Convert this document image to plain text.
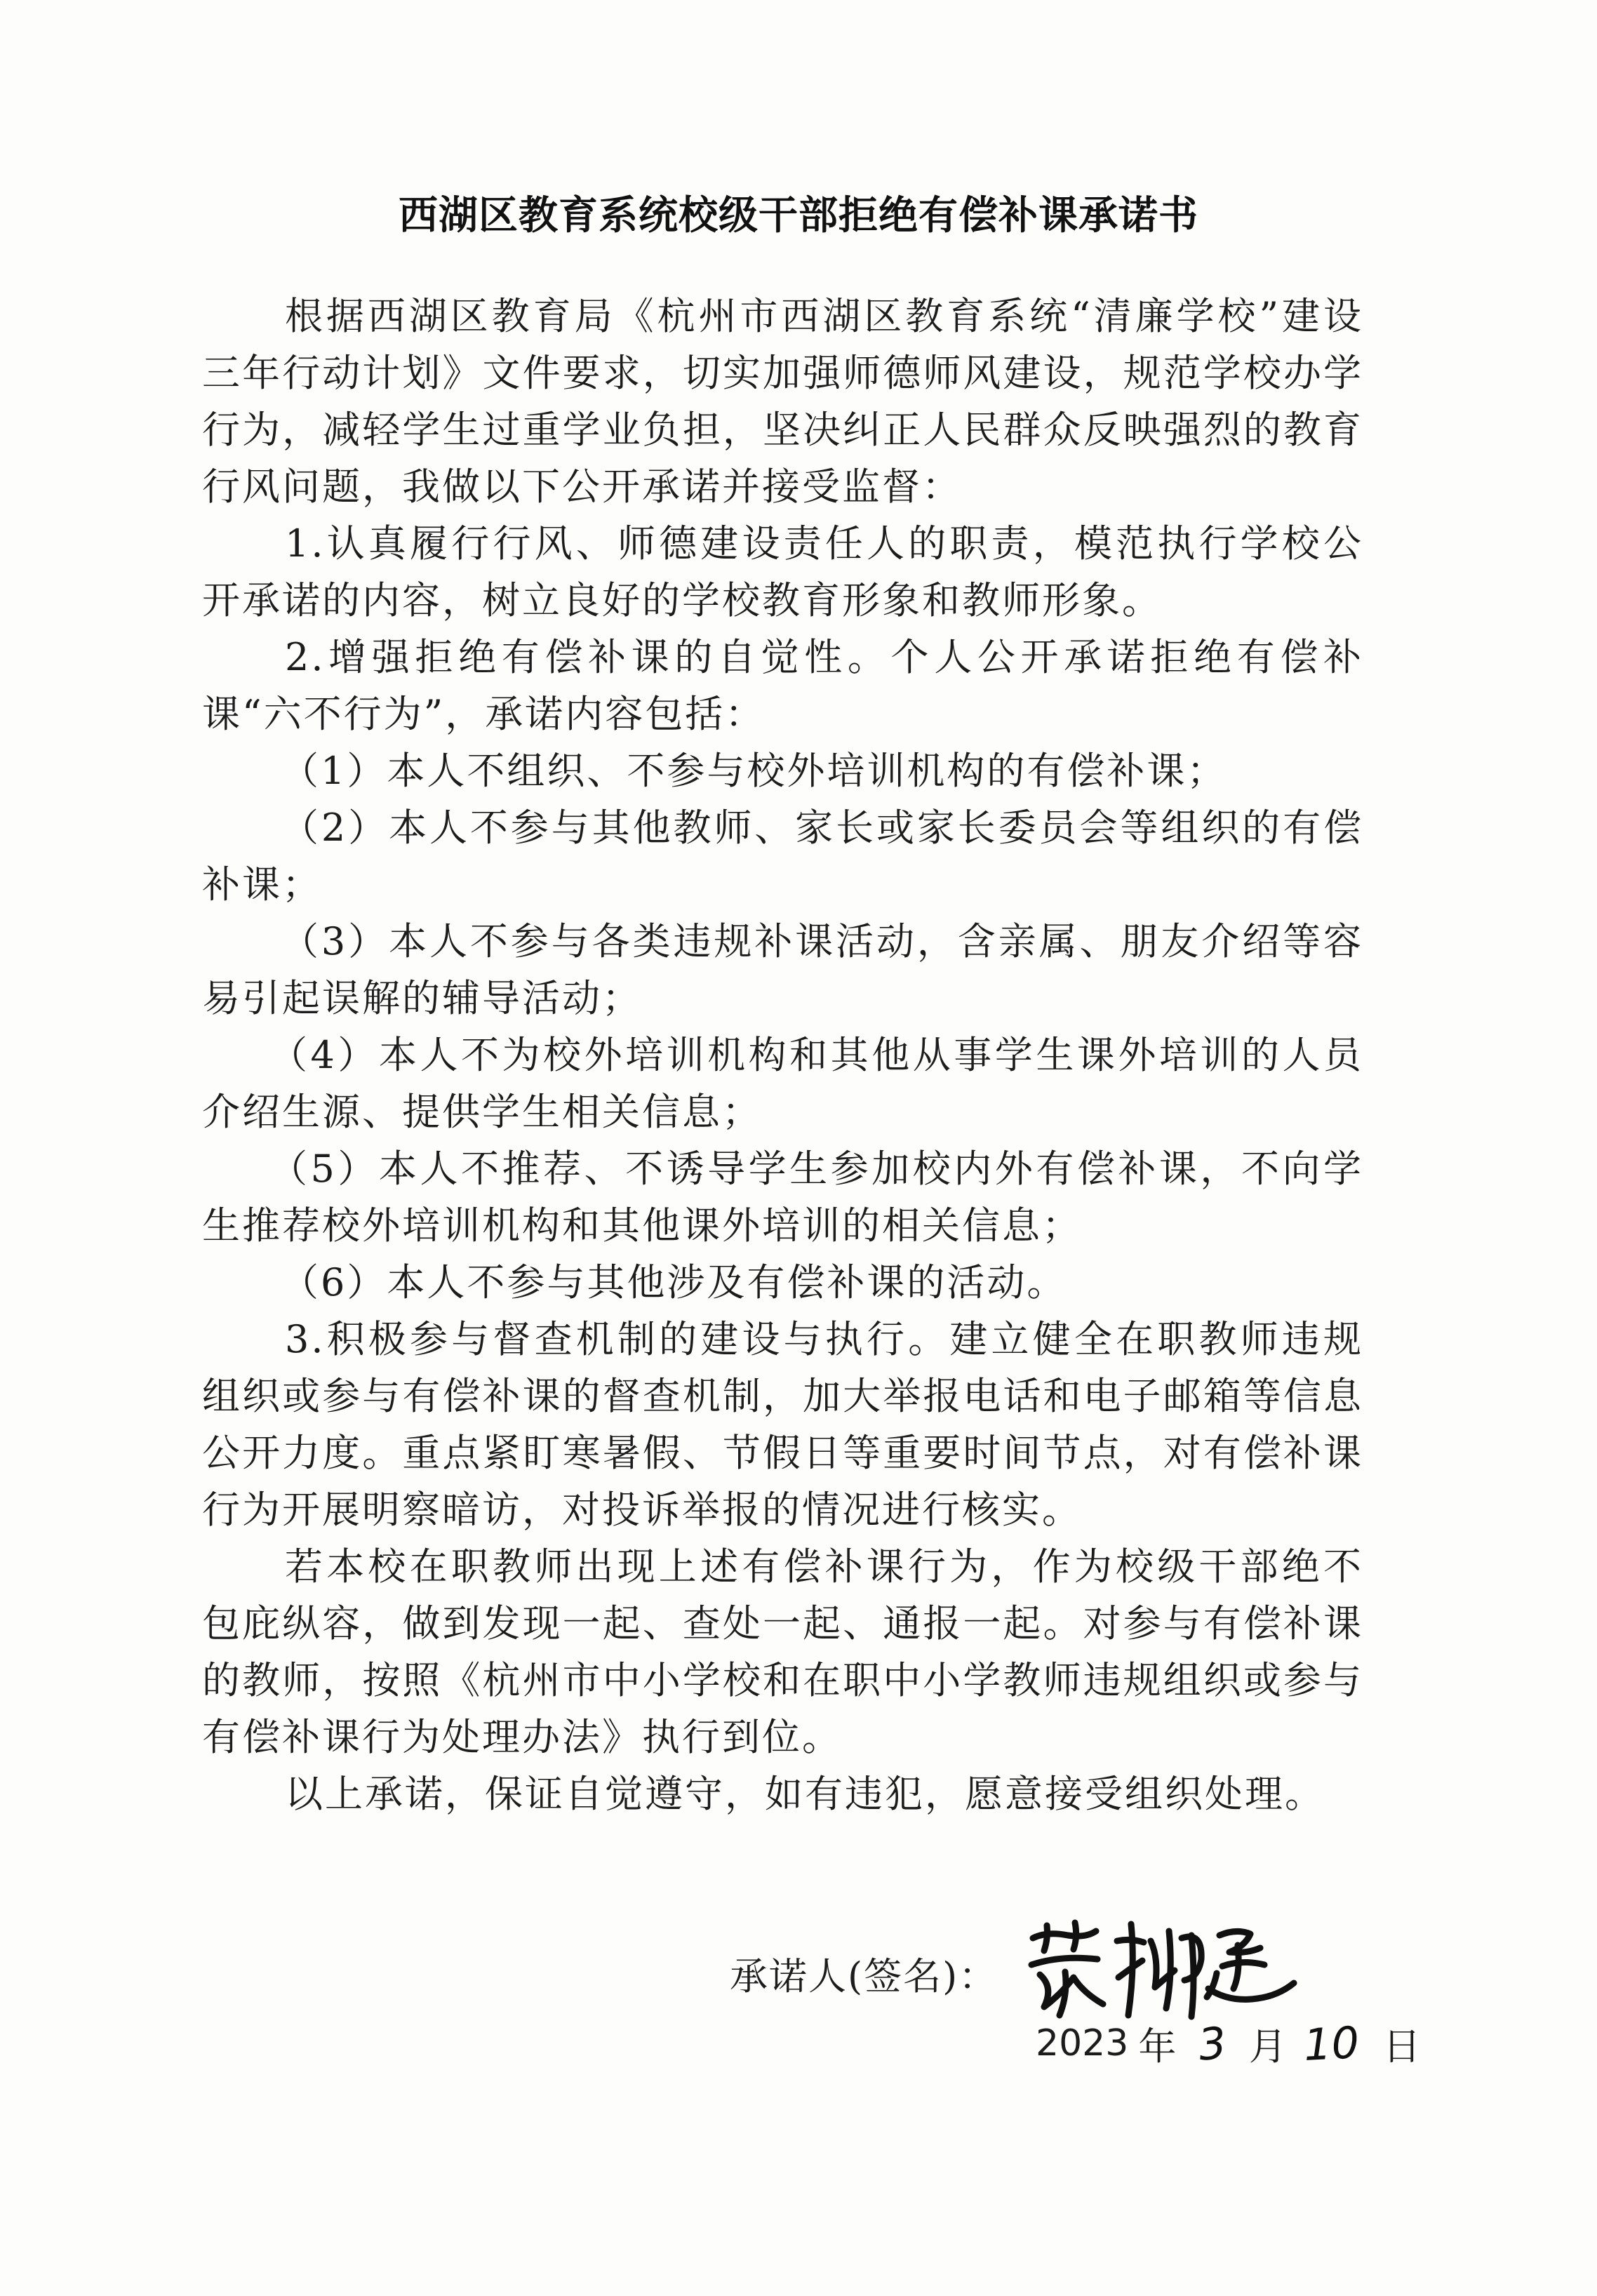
西湖区教育系统校级干部拒绝有偿补课承诺书

根据西湖区教育局《杭州市西湖区教育系统“清廉学校”建设三年行动计划》文件要求，切实加强师德师风建设，规范学校办学行为，减轻学生过重学业负担，坚决纠正人民群众反映强烈的教育行风问题，我做以下公开承诺并接受监督：

1.认真履行行风、师德建设责任人的职责，模范执行学校公开承诺的内容，树立良好的学校教育形象和教师形象。

2.增强拒绝有偿补课的自觉性。个人公开承诺拒绝有偿补课“六不行为”，承诺内容包括：

（1）本人不组织、不参与校外培训机构的有偿补课；

（2）本人不参与其他教师、家长或家长委员会等组织的有偿补课；

（3）本人不参与各类违规补课活动，含亲属、朋友介绍等容易引起误解的辅导活动；

（4）本人不为校外培训机构和其他从事学生课外培训的人员介绍生源、提供学生相关信息；

（5）本人不推荐、不诱导学生参加校内外有偿补课，不向学生推荐校外培训机构和其他课外培训的相关信息；

（6）本人不参与其他涉及有偿补课的活动。

3.积极参与督查机制的建设与执行。建立健全在职教师违规组织或参与有偿补课的督查机制，加大举报电话和电子邮箱等信息公开力度。重点紧盯寒暑假、节假日等重要时间节点，对有偿补课行为开展明察暗访，对投诉举报的情况进行核实。

若本校在职教师出现上述有偿补课行为，作为校级干部绝不包庇纵容，做到发现一起、查处一起、通报一起。对参与有偿补课的教师，按照《杭州市中小学校和在职中小学教师违规组织或参与有偿补课行为处理办法》执行到位。

以上承诺，保证自觉遵守，如有违犯，愿意接受组织处理。

承诺人(签名)：
2023 年 3 月 10 日
